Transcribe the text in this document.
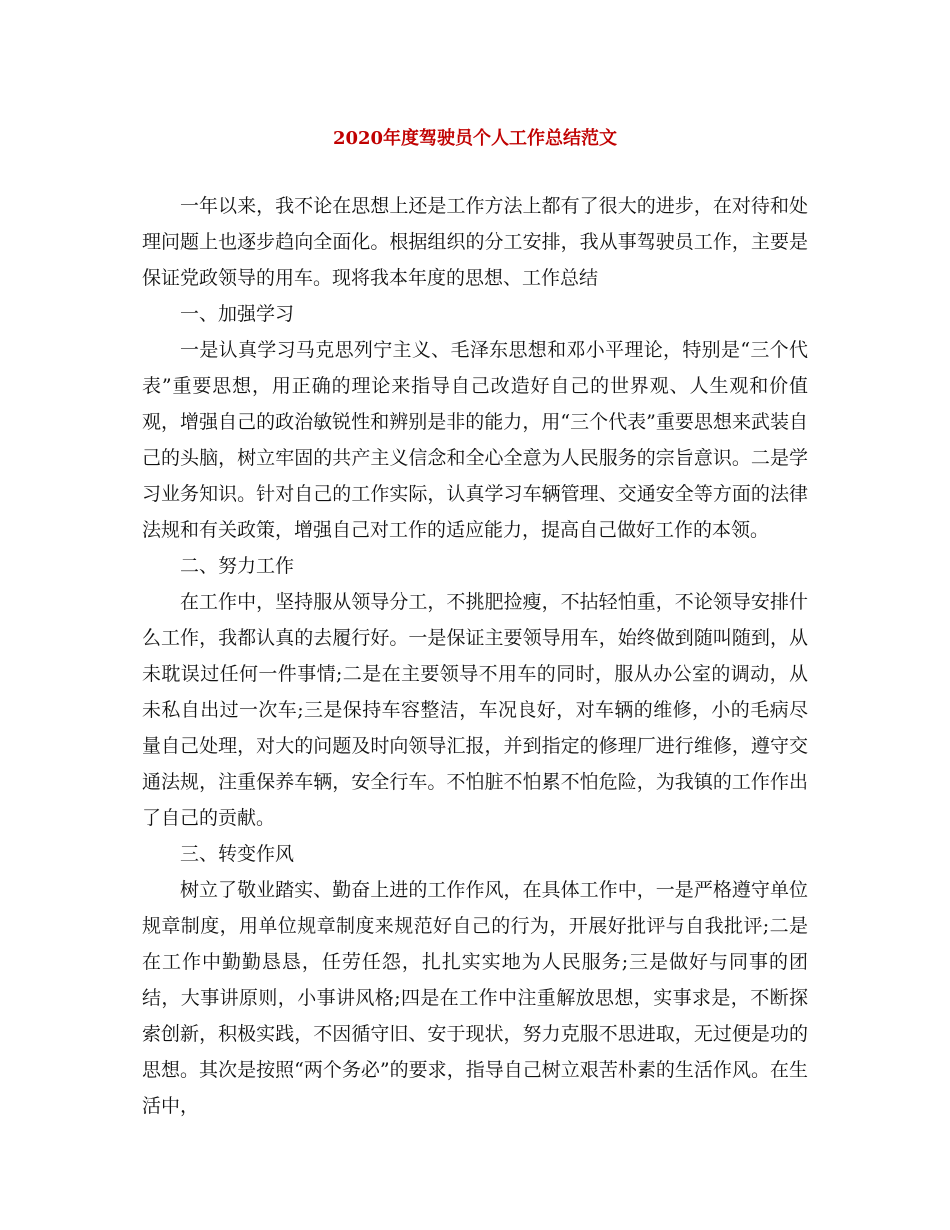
2020年度驾驶员个人工作总结范文

一年以来，我不论在思想上还是工作方法上都有了很大的进步，在对待和处理问题上也逐步趋向全面化。根据组织的分工安排，我从事驾驶员工作，主要是保证党政领导的用车。现将我本年度的思想、工作总结

一、加强学习

一是认真学习马克思列宁主义、毛泽东思想和邓小平理论，特别是“三个代表”重要思想，用正确的理论来指导自己改造好自己的世界观、人生观和价值观，增强自己的政治敏锐性和辨别是非的能力，用“三个代表”重要思想来武装自己的头脑，树立牢固的共产主义信念和全心全意为人民服务的宗旨意识。二是学习业务知识。针对自己的工作实际，认真学习车辆管理、交通安全等方面的法律法规和有关政策，增强自己对工作的适应能力，提高自己做好工作的本领。

二、努力工作

在工作中，坚持服从领导分工，不挑肥捡瘦，不拈轻怕重，不论领导安排什么工作，我都认真的去履行好。一是保证主要领导用车，始终做到随叫随到，从未耽误过任何一件事情;二是在主要领导不用车的同时，服从办公室的调动，从未私自出过一次车;三是保持车容整洁，车况良好，对车辆的维修，小的毛病尽量自己处理，对大的问题及时向领导汇报，并到指定的修理厂进行维修，遵守交通法规，注重保养车辆，安全行车。不怕脏不怕累不怕危险，为我镇的工作作出了自己的贡献。

三、转变作风

树立了敬业踏实、勤奋上进的工作作风，在具体工作中，一是严格遵守单位规章制度，用单位规章制度来规范好自己的行为，开展好批评与自我批评;二是在工作中勤勤恳恳，任劳任怨，扎扎实实地为人民服务;三是做好与同事的团结，大事讲原则，小事讲风格;四是在工作中注重解放思想，实事求是，不断探索创新，积极实践，不因循守旧、安于现状，努力克服不思进取，无过便是功的思想。其次是按照“两个务必”的要求，指导自己树立艰苦朴素的生活作风。在生活中，
